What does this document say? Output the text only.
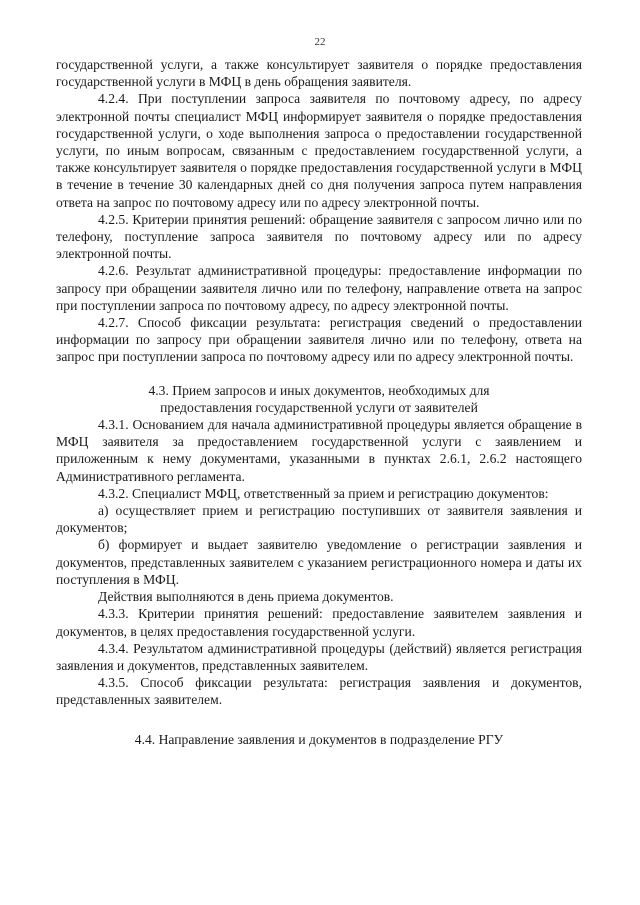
22

государственной услуги, а также консультирует заявителя о порядке предоставления государственной услуги в МФЦ в день обращения заявителя.

4.2.4. При поступлении запроса заявителя по почтовому адресу, по адресу электронной почты специалист МФЦ информирует заявителя о порядке предоставления государственной услуги, о ходе выполнения запроса о предоставлении государственной услуги, по иным вопросам, связанным с предоставлением государственной услуги, а также консультирует заявителя о порядке предоставления государственной услуги в МФЦ в течение в течение 30 календарных дней со дня получения запроса путем направления ответа на запрос по почтовому адресу или по адресу электронной почты.

4.2.5. Критерии принятия решений: обращение заявителя с запросом лично или по телефону, поступление запроса заявителя по почтовому адресу или по адресу электронной почты.

4.2.6. Результат административной процедуры: предоставление информации по запросу при обращении заявителя лично или по телефону, направление ответа на запрос при поступлении запроса по почтовому адресу, по адресу электронной почты.

4.2.7. Способ фиксации результата: регистрация сведений о предоставлении информации по запросу при обращении заявителя лично или по телефону, ответа на запрос при поступлении запроса по почтовому адресу или по адресу электронной почты.

4.3. Прием запросов и иных документов, необходимых для

предоставления государственной услуги от заявителей

4.3.1. Основанием для начала административной процедуры является обращение в МФЦ заявителя за предоставлением государственной услуги с заявлением и приложенным к нему документами, указанными в пунктах 2.6.1, 2.6.2 настоящего Административного регламента.

4.3.2. Специалист МФЦ, ответственный за прием и регистрацию документов:

а) осуществляет прием и регистрацию поступивших от заявителя заявления и документов;

б) формирует и выдает заявителю уведомление о регистрации заявления и документов, представленных заявителем с указанием регистрационного номера и даты их поступления в МФЦ.

Действия выполняются в день приема документов.

4.3.3. Критерии принятия решений: предоставление заявителем заявления и документов, в целях предоставления государственной услуги.

4.3.4. Результатом административной процедуры (действий) является регистрация заявления и документов, представленных заявителем.

4.3.5. Способ фиксации результата: регистрация заявления и документов, представленных заявителем.

4.4. Направление заявления и документов в подразделение РГУ
